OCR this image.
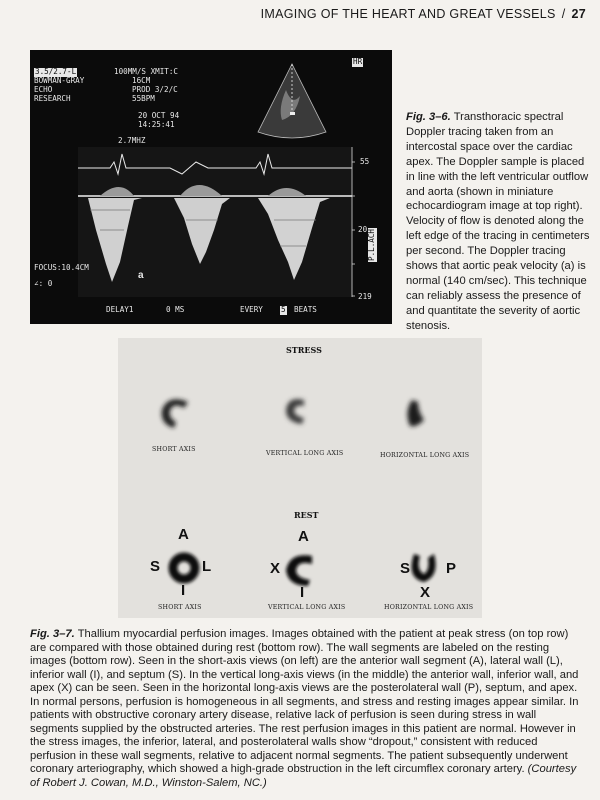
IMAGING OF THE HEART AND GREAT VESSELS / 27
3.5/2.7-L
BOWMAN-GRAY
ECHO
RESEARCH
100MM/S XMIT:C
16CM
PROD 3/2/C
55BPM
20 OCT 94
14:25:41
2.7MHZ
HR
55
20
219
P.L.ACH
FOCUS:10.4CM
∠: 0
a
DELAY1	0 MS	EVERY 5 BEATS
Fig. 3–6. Transthoracic spectral Doppler tracing taken from an intercostal space over the cardiac apex. The Doppler sample is placed in line with the left ventricular outflow and aorta (shown in miniature echocardiogram image at top right). Velocity of flow is denoted along the left edge of the tracing in centimeters per second. The Doppler tracing shows that aortic peak velocity (a) is normal (140 cm/sec). This technique can reliably assess the presence of and quantitate the severity of aortic stenosis.
STRESS
SHORT AXIS
VERTICAL LONG AXIS	HORIZONTAL LONG AXIS
REST
A
S	L
I
A
X
I
S P
X
SHORT AXIS	VERTICAL LONG AXIS	HORIZONTAL LONG AXIS
Fig. 3–7. Thallium myocardial perfusion images. Images obtained with the patient at peak stress (on top row) are compared with those obtained during rest (bottom row). The wall segments are labeled on the resting images (bottom row). Seen in the short-axis views (on left) are the anterior wall segment (A), lateral wall (L), inferior wall (I), and septum (S). In the vertical long-axis views (in the middle) the anterior wall, inferior wall, and apex (X) can be seen. Seen in the horizontal long-axis views are the posterolateral wall (P), septum, and apex. In normal persons, perfusion is homogeneous in all segments, and stress and resting images appear similar. In patients with obstructive coronary artery disease, relative lack of perfusion is seen during stress in wall segments supplied by the obstructed arteries. The rest perfusion images in this patient are normal. However in the stress images, the inferior, lateral, and posterolateral walls show “dropout,” consistent with reduced perfusion in these wall segments, relative to adjacent normal segments. The patient subsequently underwent coronary arteriography, which showed a high-grade obstruction in the left circumflex coronary artery. (Courtesy of Robert J. Cowan, M.D., Winston-Salem, NC.)
